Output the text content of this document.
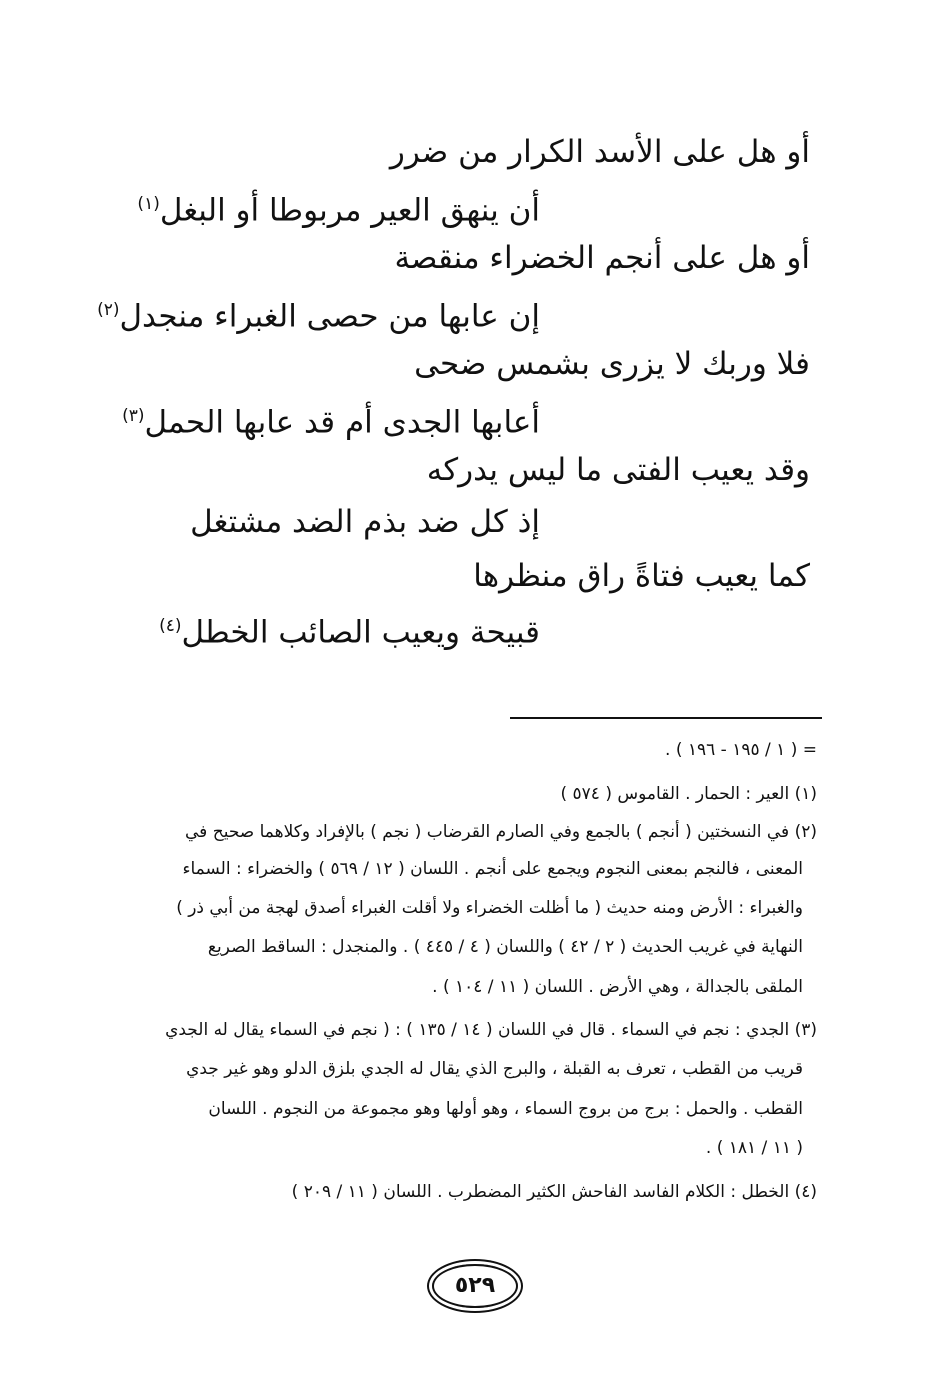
أو هل على الأسد الكرار من ضرر
أن ينهق العير مربوطا أو البغل$^{(١)}$
أو هل على أنجم الخضراء منقصة
إن عابها من حصى الغبراء منجدل$^{(٢)}$
فلا وربك لا يزرى بشمس ضحى
أعابها الجدى أم قد عابها الحمل$^{(٣)}$
وقد يعيب الفتى ما ليس يدركه
إذ كل ضد بذم الضد مشتغل
كما يعيب فتاةً راق منظرها
قبيحة ويعيب الصائب الخطل$^{(٤)}$
= ( ١ / ١٩٥ - ١٩٦ ) .
(١) العير : الحمار . القاموس ( ٥٧٤ )
(٢) في النسختين ( أنجم ) بالجمع وفي الصارم القرضاب ( نجم ) بالإفراد وكلاهما صحيح في
المعنى ، فالنجم بمعنى النجوم ويجمع على أنجم . اللسان ( ١٢ / ٥٦٩ ) والخضراء : السماء
والغبراء : الأرض ومنه حديث ( ما أظلت الخضراء ولا أقلت الغبراء أصدق لهجة من أبي ذر )
النهاية في غريب الحديث ( ٢ / ٤٢ ) واللسان ( ٤ / ٤٤٥ ) . والمنجدل : الساقط الصريع
الملقى بالجدالة ، وهي الأرض . اللسان ( ١١ / ١٠٤ ) .
(٣) الجدي : نجم في السماء . قال في اللسان ( ١٤ / ١٣٥ ) : ( نجم في السماء يقال له الجدي
قريب من القطب ، تعرف به القبلة ، والبرج الذي يقال له الجدي بلزق الدلو وهو غير جدي
القطب . والحمل : برج من بروج السماء ، وهو أولها وهو مجموعة من النجوم . اللسان
( ١١ / ١٨١ ) .
(٤) الخطل : الكلام الفاسد الفاحش الكثير المضطرب . اللسان ( ١١ / ٢٠٩ )
٥٢٩
